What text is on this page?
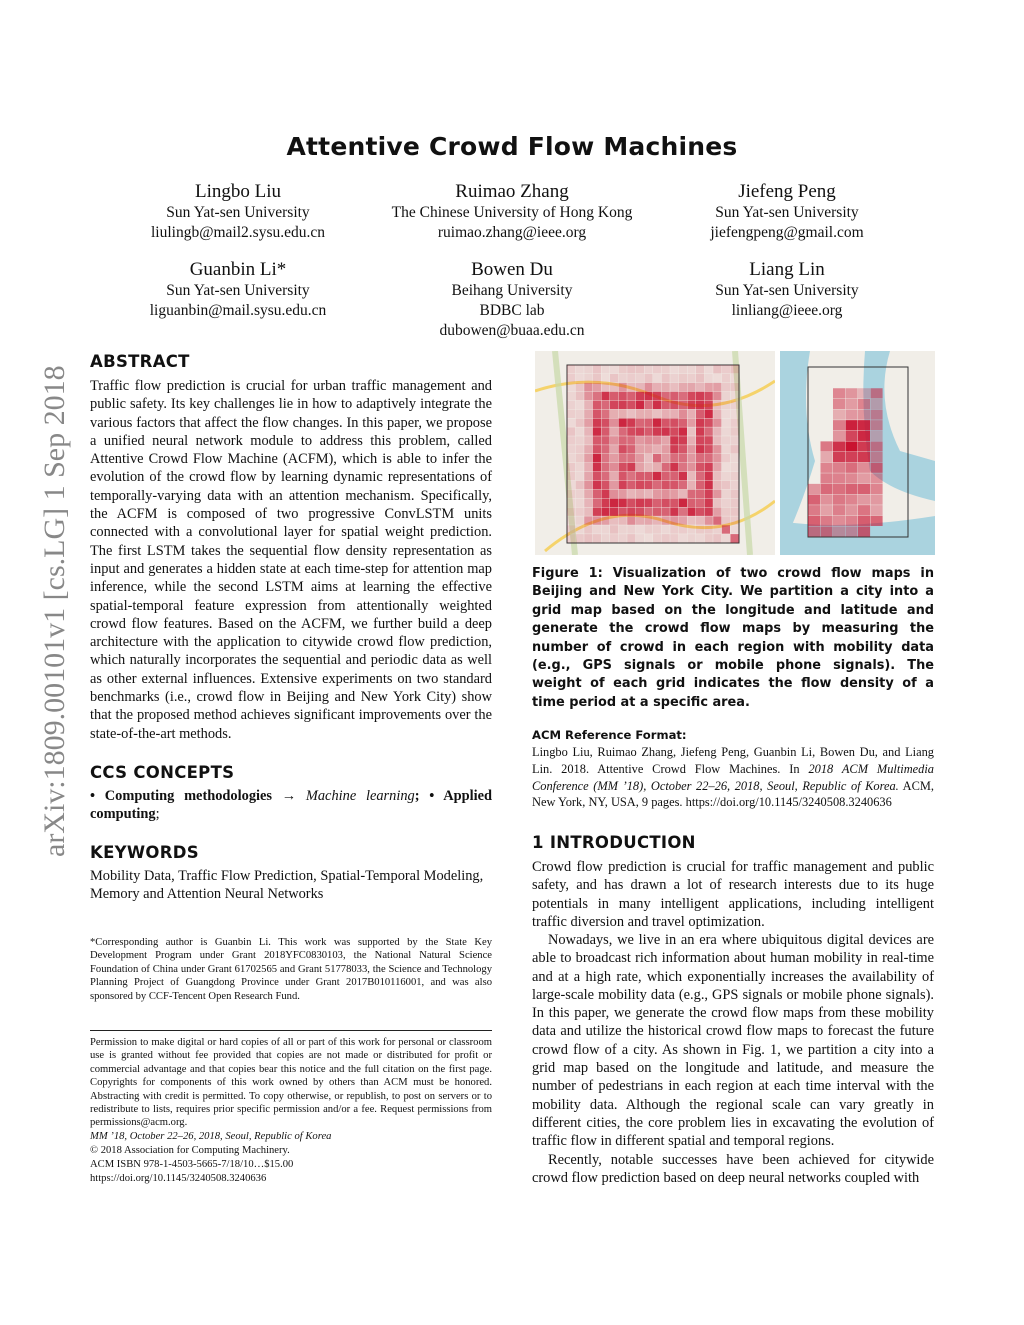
Attentive Crowd Flow Machines
arXiv:1809.00101v1 [cs.LG] 1 Sep 2018
Lingbo Liu
Sun Yat-sen University
liulingb@mail2.sysu.edu.cn
Ruimao Zhang
The Chinese University of Hong Kong
ruimao.zhang@ieee.org
Jiefeng Peng
Sun Yat-sen University
jiefengpeng@gmail.com
Guanbin Li*
Sun Yat-sen University
liguanbin@mail.sysu.edu.cn
Bowen Du
Beihang University
BDBC lab
dubowen@buaa.edu.cn
Liang Lin
Sun Yat-sen University
linliang@ieee.org
ABSTRACT

Traffic flow prediction is crucial for urban traffic management and public safety. Its key challenges lie in how to adaptively integrate the various factors that affect the flow changes. In this paper, we propose a unified neural network module to address this problem, called Attentive Crowd Flow Machine (ACFM), which is able to infer the evolution of the crowd flow by learning dynamic representations of temporally-varying data with an attention mechanism. Specifically, the ACFM is composed of two progressive ConvLSTM units connected with a convolutional layer for spatial weight prediction. The first LSTM takes the sequential flow density representation as input and generates a hidden state at each time-step for attention map inference, while the second LSTM aims at learning the effective spatial-temporal feature expression from attentionally weighted crowd flow features. Based on the ACFM, we further build a deep architecture with the application to citywide crowd flow prediction, which naturally incorporates the sequential and periodic data as well as other external influences. Extensive experiments on two standard benchmarks (i.e., crowd flow in Beijing and New York City) show that the proposed method achieves significant improvements over the state-of-the-art methods.

CCS CONCEPTS

• Computing methodologies → Machine learning; • Applied computing;

KEYWORDS

Mobility Data, Traffic Flow Prediction, Spatial-Temporal Modeling, Memory and Attention Neural Networks

*Corresponding author is Guanbin Li. This work was supported by the State Key Development Program under Grant 2018YFC0830103, the National Natural Science Foundation of China under Grant 61702565 and Grant 51778033, the Science and Technology Planning Project of Guangdong Province under Grant 2017B010116001, and was also sponsored by CCF-Tencent Open Research Fund.

Permission to make digital or hard copies of all or part of this work for personal or classroom use is granted without fee provided that copies are not made or distributed for profit or commercial advantage and that copies bear this notice and the full citation on the first page. Copyrights for components of this work owned by others than ACM must be honored. Abstracting with credit is permitted. To copy otherwise, or republish, to post on servers or to redistribute to lists, requires prior specific permission and/or a fee. Request permissions from permissions@acm.org.

MM ’18, October 22–26, 2018, Seoul, Republic of Korea

© 2018 Association for Computing Machinery.

ACM ISBN 978-1-4503-5665-7/18/10…$15.00

https://doi.org/10.1145/3240508.3240636

Figure 1: Visualization of two crowd flow maps in Beijing and New York City. We partition a city into a grid map based on the longitude and latitude and generate the crowd flow maps by measuring the number of crowd in each region with mobility data (e.g., GPS signals or mobile phone signals). The weight of each grid indicates the flow density of a time period at a specific area.

ACM Reference Format:

Lingbo Liu, Ruimao Zhang, Jiefeng Peng, Guanbin Li, Bowen Du, and Liang Lin. 2018. Attentive Crowd Flow Machines. In 2018 ACM Multimedia Conference (MM ’18), October 22–26, 2018, Seoul, Republic of Korea. ACM, New York, NY, USA, 9 pages. https://doi.org/10.1145/3240508.3240636

1 INTRODUCTION

Crowd flow prediction is crucial for traffic management and public safety, and has drawn a lot of research interests due to its huge potentials in many intelligent applications, including intelligent traffic diversion and travel optimization.

Nowadays, we live in an era where ubiquitous digital devices are able to broadcast rich information about human mobility in real-time and at a high rate, which exponentially increases the availability of large-scale mobility data (e.g., GPS signals or mobile phone signals). In this paper, we generate the crowd flow maps from these mobility data and utilize the historical crowd flow maps to forecast the future crowd flow of a city. As shown in Fig. 1, we partition a city into a grid map based on the longitude and latitude, and measure the number of pedestrians in each region at each time interval with the mobility data. Although the regional scale can vary greatly in different cities, the core problem lies in excavating the evolution of traffic flow in different spatial and temporal regions.

Recently, notable successes have been achieved for citywide crowd flow prediction based on deep neural networks coupled with
